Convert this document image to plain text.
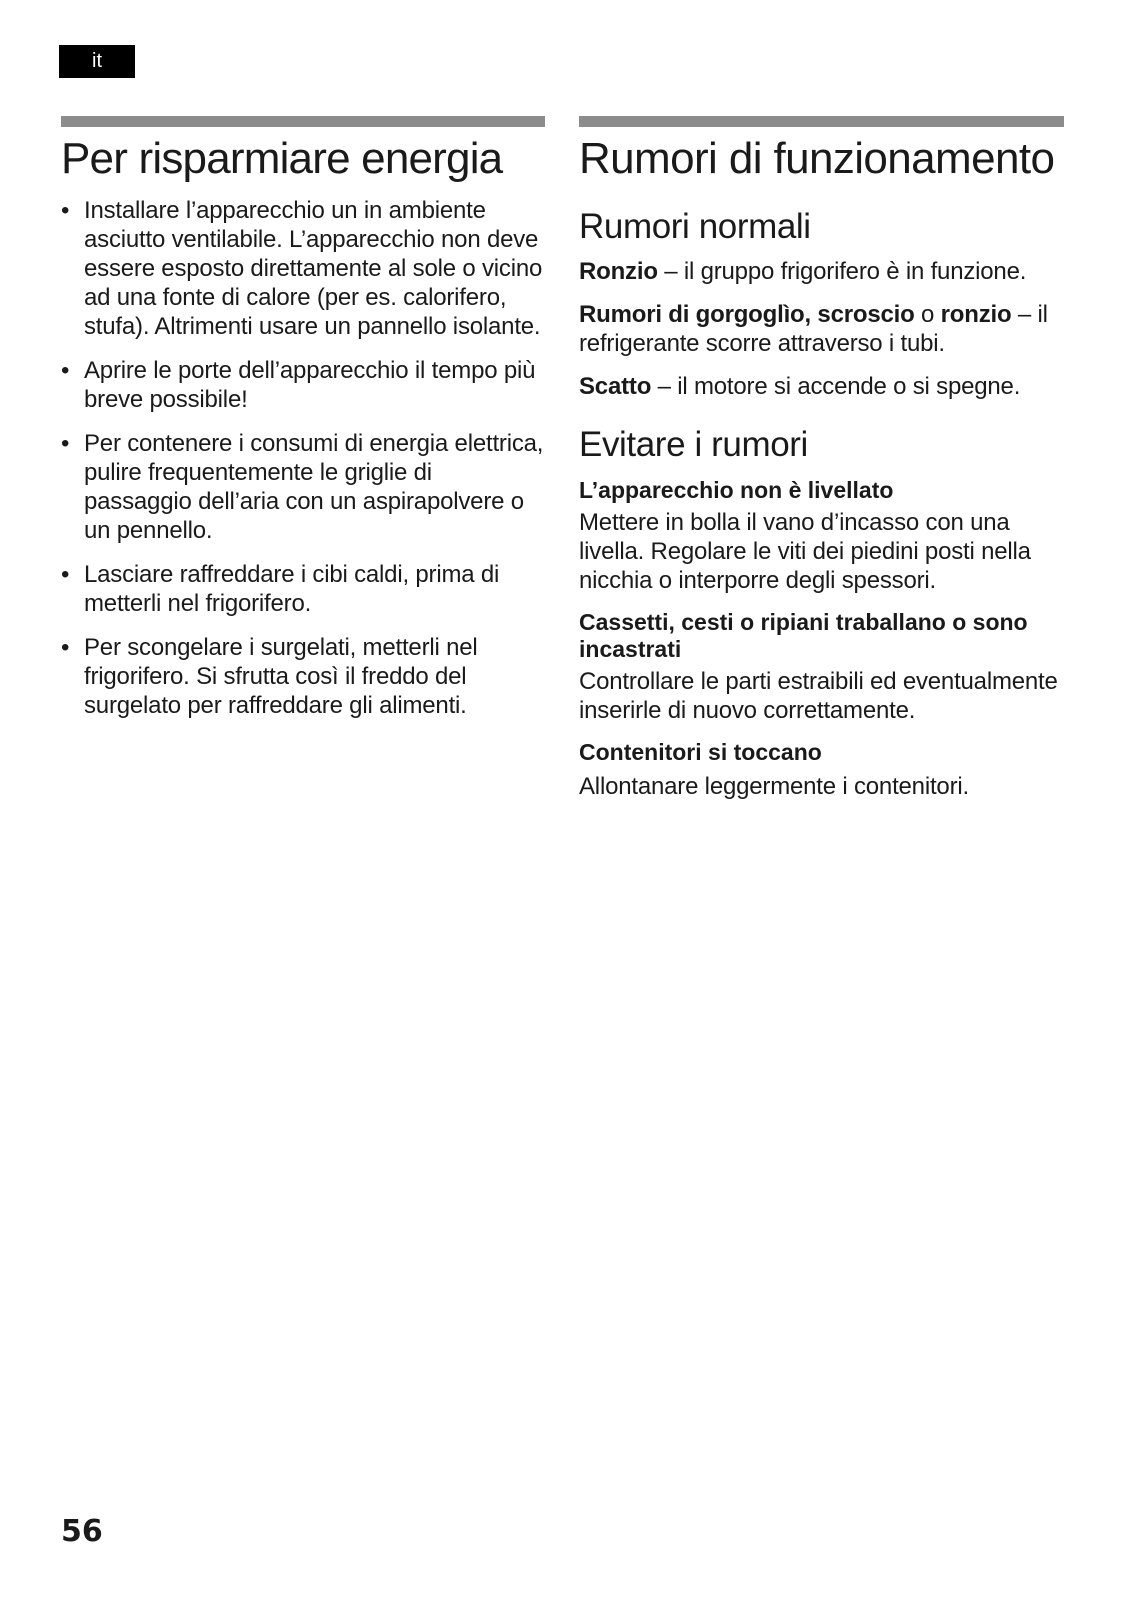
it
Per risparmiare energia
• Installare l’apparecchio un in ambiente asciutto ventilabile. L’apparecchio non deve essere esposto direttamente al sole o vicino ad una fonte di calore (per es. calorifero, stufa). Altrimenti usare un pannello isolante.
• Aprire le porte dell’apparecchio il tempo più breve possibile!
• Per contenere i consumi di energia elettrica, pulire frequentemente le griglie di passaggio dell’aria con un aspirapolvere o un pennello.
• Lasciare raffreddare i cibi caldi, prima di metterli nel frigorifero.
• Per scongelare i surgelati, metterli nel frigorifero. Si sfrutta così il freddo del surgelato per raffreddare gli alimenti.
Rumori di funzionamento
Rumori normali

Ronzio – il gruppo frigorifero è in funzione.

Rumori di gorgoglìo, scroscio o ronzio – il refrigerante scorre attraverso i tubi.

Scatto – il motore si accende o si spegne.

Evitare i rumori
L’apparecchio non è livellato

Mettere in bolla il vano d’incasso con una livella. Regolare le viti dei piedini posti nella nicchia o interporre degli spessori.

Cassetti, cesti o ripiani traballano o sono incastrati

Controllare le parti estraibili ed eventualmente inserirle di nuovo correttamente.

Contenitori si toccano

Allontanare leggermente i contenitori.

56
